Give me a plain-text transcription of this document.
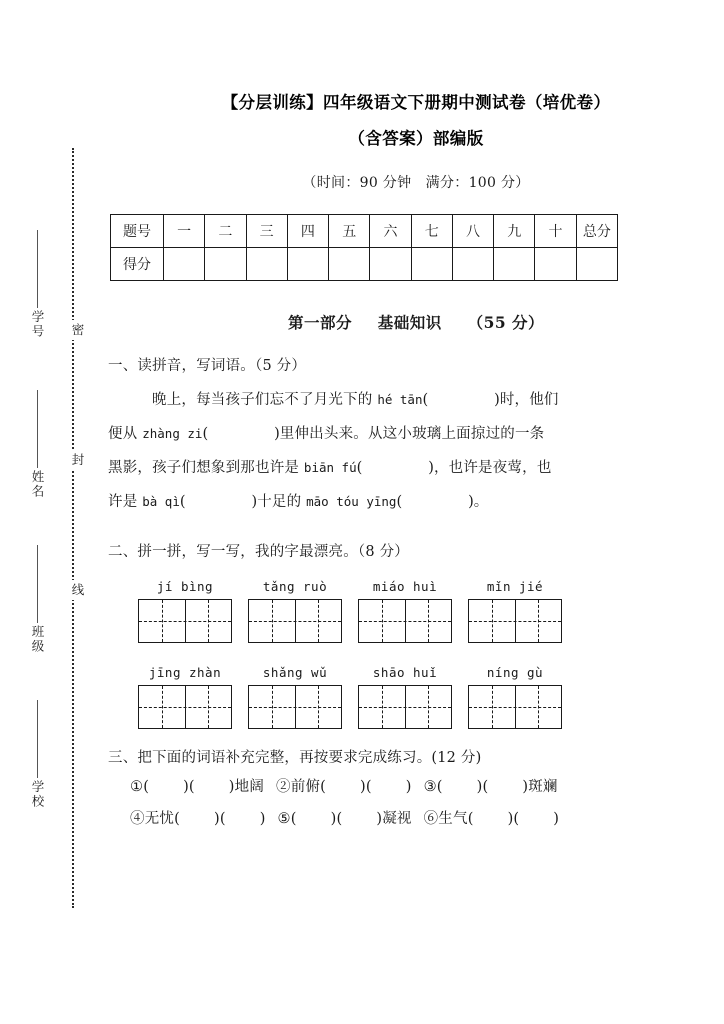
密
封
线
学号
姓名
班级
学校
【分层训练】四年级语文下册期中测试卷（培优卷）
（含答案）部编版
（时间：90 分钟　满分：100 分）
题号	一	二	三	四	五	六	七	八	九	十	总分
得分											
第一部分 基础知识 （55 分）
一、读拼音，写词语。（5 分）
晚上，每当孩子们忘不了月光下的 hé tān(	)时，他们
便从 zhàng zi(	)里伸出头来。从这小玻璃上面掠过的一条
黑影，孩子们想象到那也许是 biān fú(	)，也许是夜莺，也
许是 bà qì(	)十足的 māo tóu yīng(	)。
二、拼一拼，写一写，我的字最漂亮。（8 分）
jí bìng	tǎng ruò	miáo huì	mǐn jié
jīng zhàn	shǎng wǔ	shāo huǐ	níng gù
三、把下面的词语补充完整，再按要求完成练习。(12 分)
①( )( )地阔 ②前俯( )( ) ③( )( )斑斓
④无忧( )( ) ⑤( )( )凝视 ⑥生气( )( )
